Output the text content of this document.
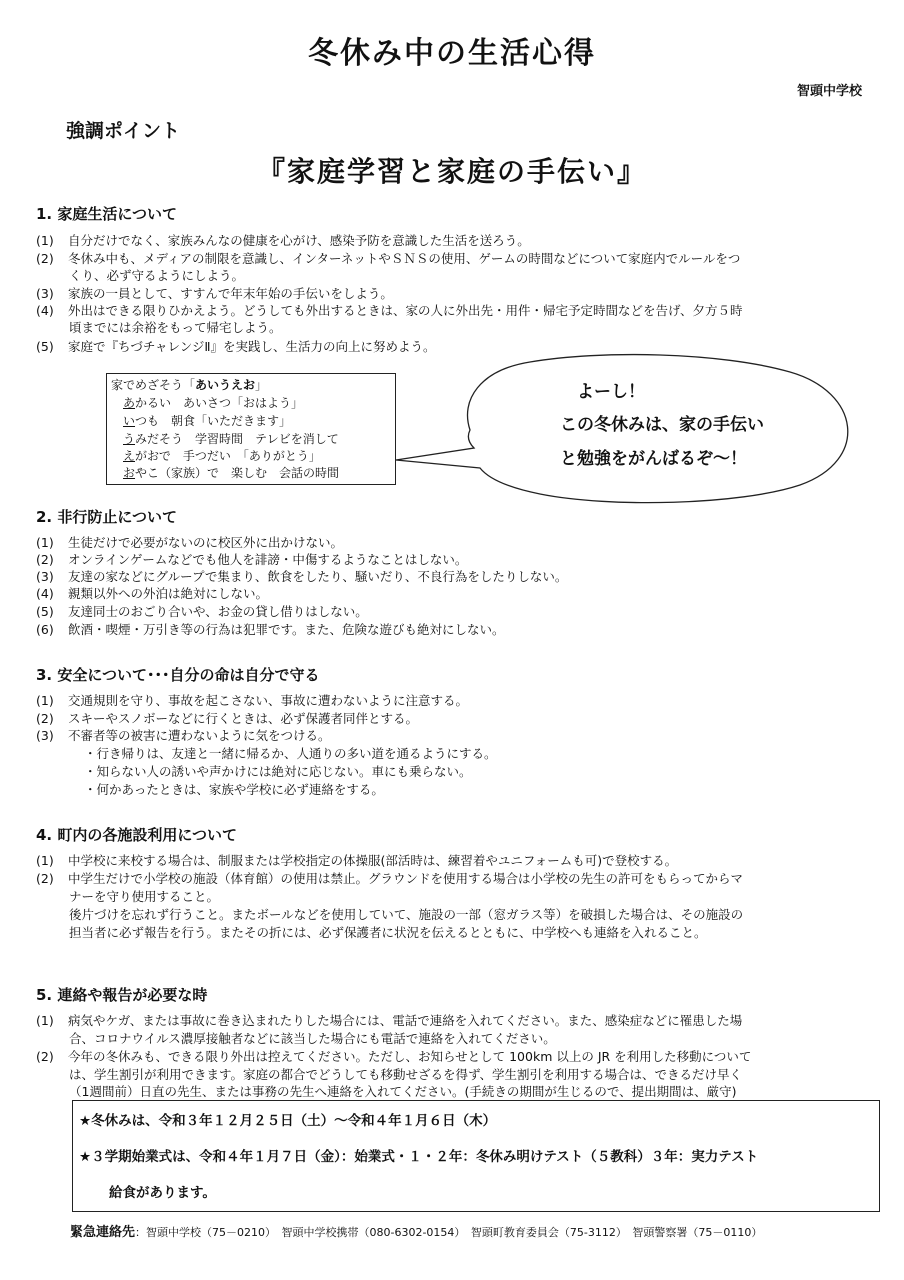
冬休み中の生活心得
智頭中学校
強調ポイント
『家庭学習と家庭の手伝い』
1. 家庭生活について
(1) 自分だけでなく、家族みんなの健康を心がけ、感染予防を意識した生活を送ろう。
(2) 冬休み中も、メディアの制限を意識し、インターネットやＳＮＳの使用、ゲームの時間などについて家庭内でルールをつ
くり、必ず守るようにしよう。
(3) 家族の一員として、すすんで年末年始の手伝いをしよう。
(4) 外出はできる限りひかえよう。どうしても外出するときは、家の人に外出先・用件・帰宅予定時間などを告げ、夕方５時
頃までには余裕をもって帰宅しよう。
(5) 家庭で『ちづチャレンジⅡ』を実践し、生活力の向上に努めよう。
家でめざそう「あいうえお」
あかるい　あいさつ「おはよう」
いつも　朝食「いただきます」
うみだそう　学習時間　テレビを消して
えがおで　手つだい　「ありがとう」
おやこ（家族）で　楽しむ　会話の時間
よーし！
この冬休みは、家の手伝い
と勉強をがんばるぞ～！
2. 非行防止について
(1) 生徒だけで必要がないのに校区外に出かけない。
(2) オンラインゲームなどでも他人を誹謗・中傷するようなことはしない。
(3) 友達の家などにグループで集まり、飲食をしたり、騒いだり、不良行為をしたりしない。
(4) 親類以外への外泊は絶対にしない。
(5) 友達同士のおごり合いや、お金の貸し借りはしない。
(6) 飲酒・喫煙・万引き等の行為は犯罪です。また、危険な遊びも絶対にしない。
3. 安全について･･･自分の命は自分で守る
(1) 交通規則を守り、事故を起こさない、事故に遭わないように注意する。
(2) スキーやスノボーなどに行くときは、必ず保護者同伴とする。
(3) 不審者等の被害に遭わないように気をつける。
・行き帰りは、友達と一緒に帰るか、人通りの多い道を通るようにする。
・知らない人の誘いや声かけには絶対に応じない。車にも乗らない。
・何かあったときは、家族や学校に必ず連絡をする。
4. 町内の各施設利用について
(1) 中学校に来校する場合は、制服または学校指定の体操服(部活時は、練習着やユニフォームも可)で登校する。
(2) 中学生だけで小学校の施設（体育館）の使用は禁止。グラウンドを使用する場合は小学校の先生の許可をもらってからマ
ナーを守り使用すること。
後片づけを忘れず行うこと。またボールなどを使用していて、施設の一部（窓ガラス等）を破損した場合は、その施設の
担当者に必ず報告を行う。またその折には、必ず保護者に状況を伝えるとともに、中学校へも連絡を入れること。
5. 連絡や報告が必要な時
(1) 病気やケガ、または事故に巻き込まれたりした場合には、電話で連絡を入れてください。また、感染症などに罹患した場
合、コロナウイルス濃厚接触者などに該当した場合にも電話で連絡を入れてください。
(2) 今年の冬休みも、できる限り外出は控えてください。ただし、お知らせとして 100km 以上の JR を利用した移動について
は、学生割引が利用できます。家庭の都合でどうしても移動せざるを得ず、学生割引を利用する場合は、できるだけ早く
（1週間前）日直の先生、または事務の先生へ連絡を入れてください。(手続きの期間が生じるので、提出期間は、厳守)
★冬休みは、令和３年１２月２５日（土）～令和４年１月６日（木）
★３学期始業式は、令和４年１月７日（金）：始業式・１・２年：冬休み明けテスト（５教科）３年：実力テスト
給食があります。
緊急連絡先：智頭中学校（75－0210）　智頭中学校携帯（080-6302-0154）　智頭町教育委員会（75-3112）　智頭警察署（75－0110）
